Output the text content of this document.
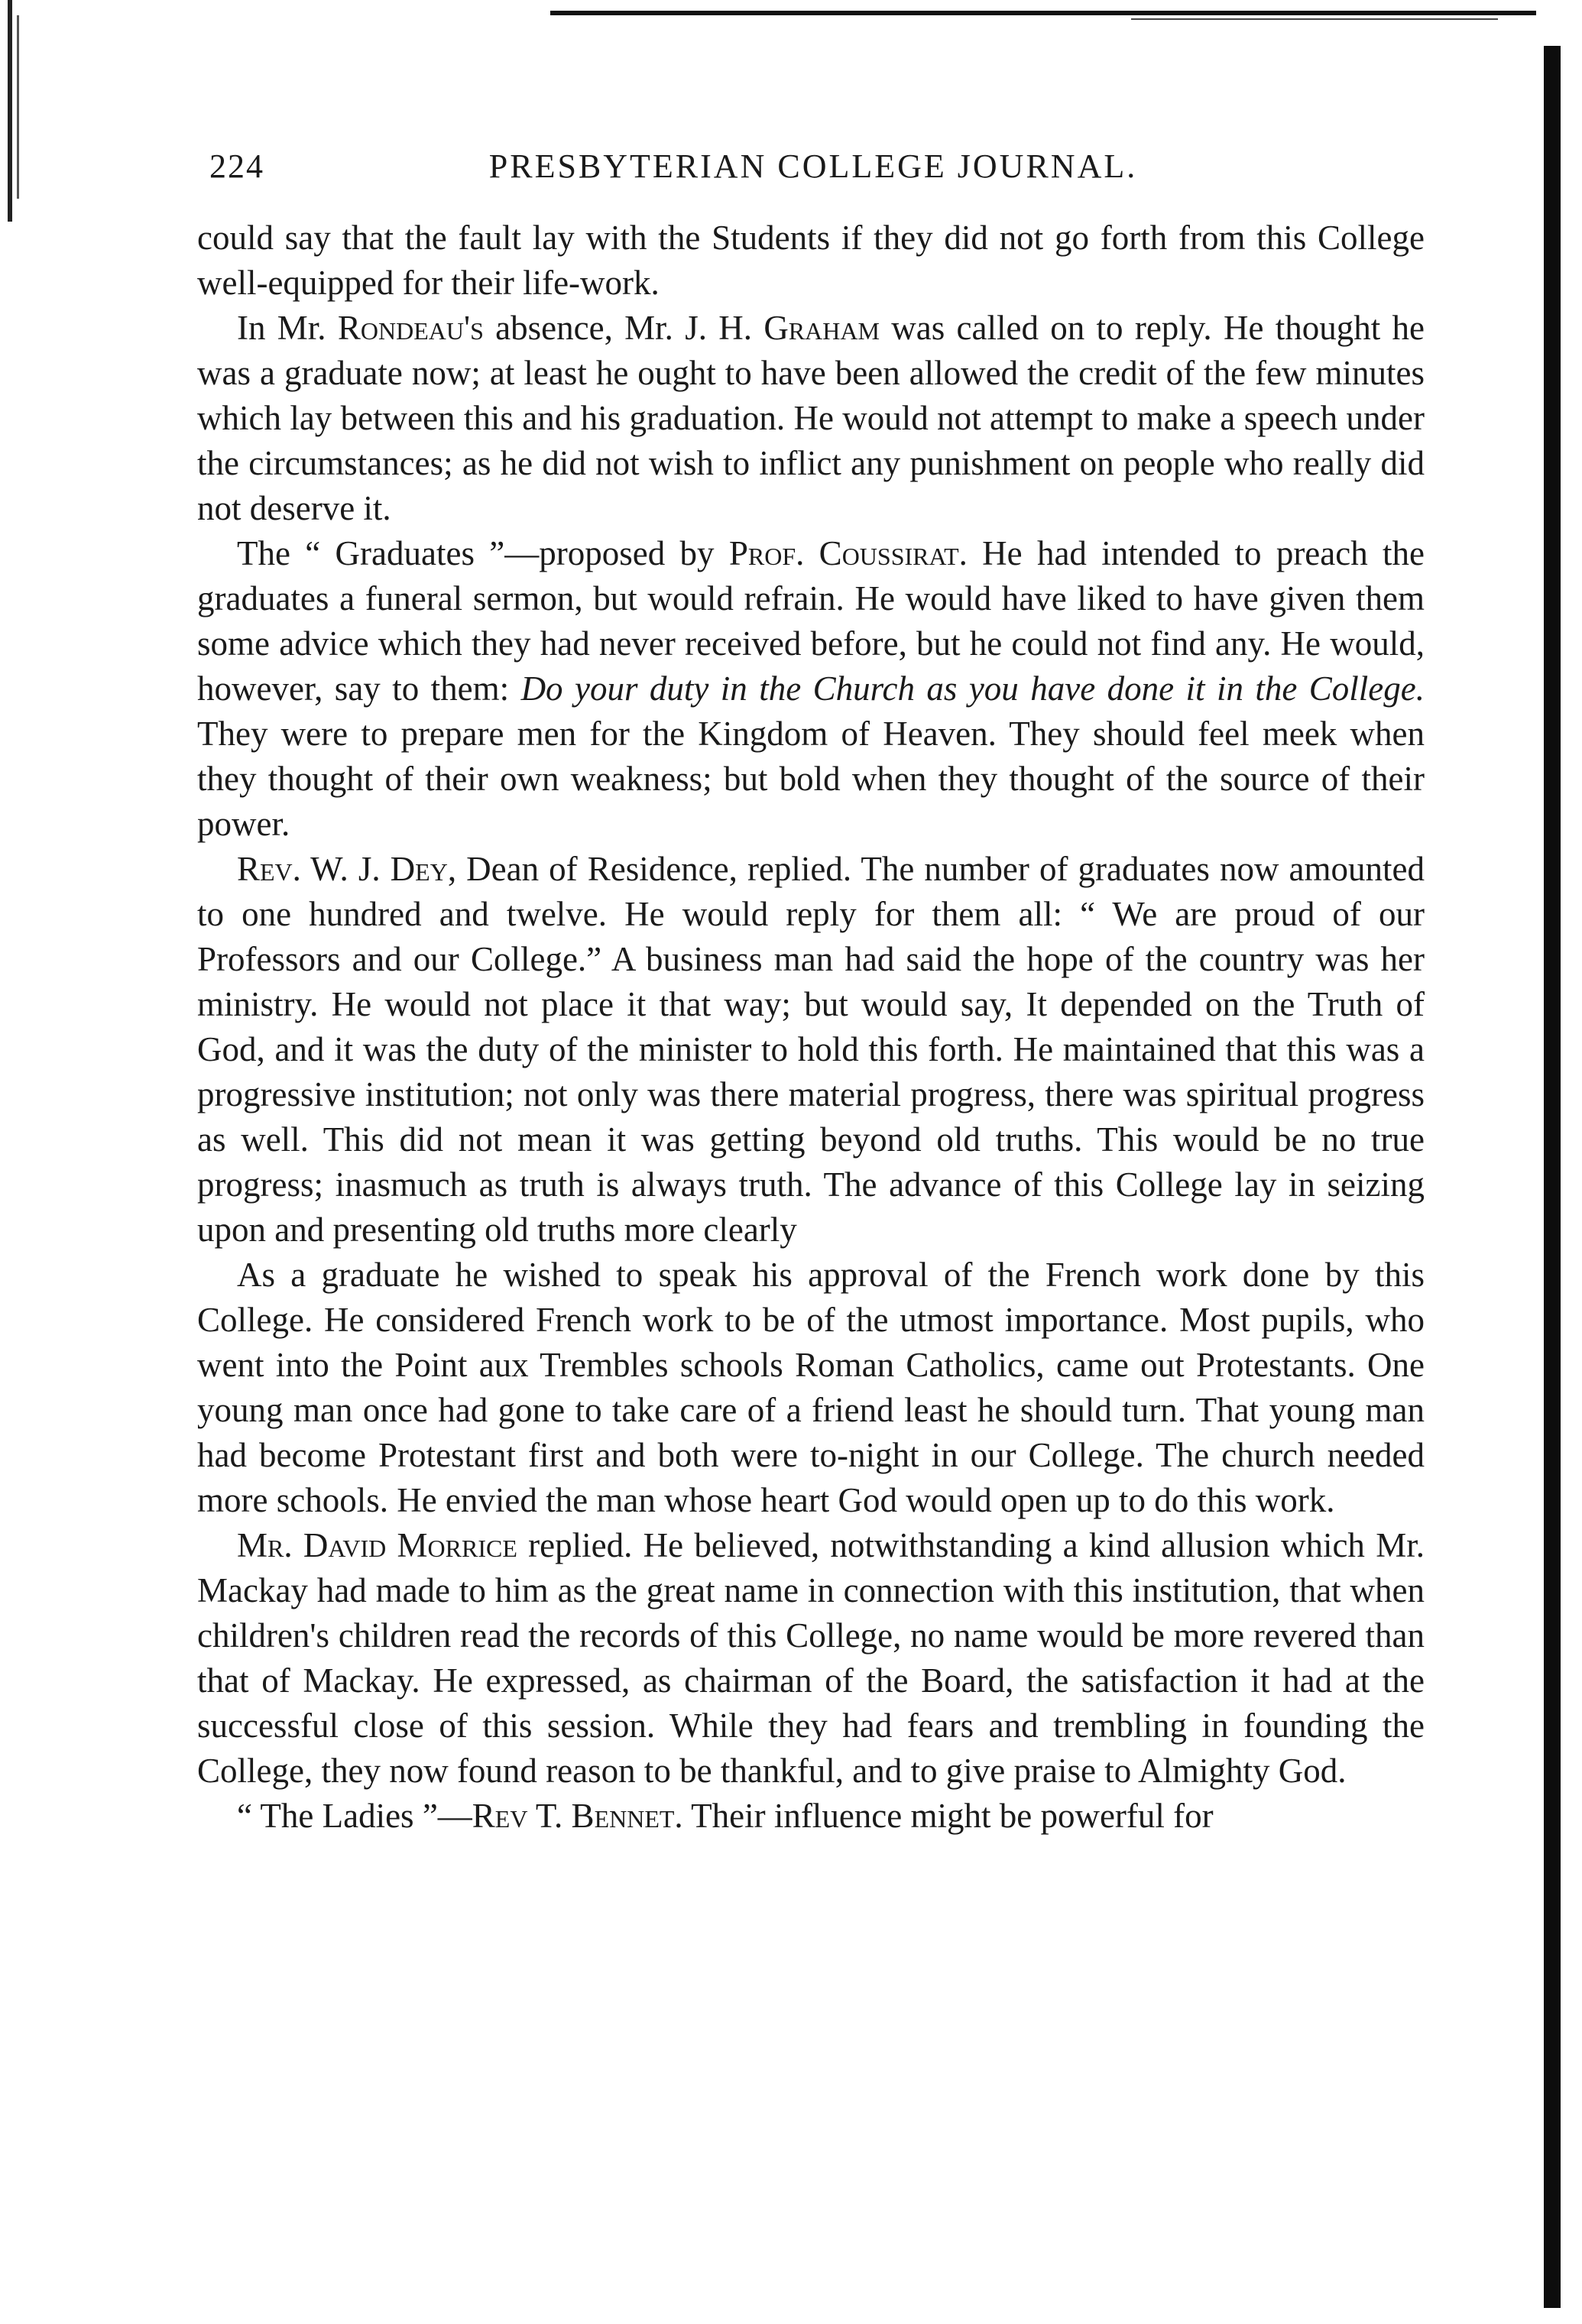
224	PRESBYTERIAN COLLEGE JOURNAL.

could say that the fault lay with the Students if they did not go forth from this College well-equipped for their life-work.

In Mr. Rondeau's absence, Mr. J. H. Graham was called on to reply. He thought he was a graduate now; at least he ought to have been allowed the credit of the few minutes which lay between this and his graduation. He would not attempt to make a speech under the circumstances; as he did not wish to inflict any punishment on people who really did not deserve it.

The “ Graduates ”—proposed by Prof. Coussirat. He had intended to preach the graduates a funeral sermon, but would refrain. He would have liked to have given them some advice which they had never received before, but he could not find any. He would, however, say to them: Do your duty in the Church as you have done it in the College. They were to prepare men for the Kingdom of Heaven. They should feel meek when they thought of their own weakness; but bold when they thought of the source of their power.

Rev. W. J. Dey, Dean of Residence, replied. The number of graduates now amounted to one hundred and twelve. He would reply for them all: “ We are proud of our Professors and our College.” A business man had said the hope of the country was her ministry. He would not place it that way; but would say, It depended on the Truth of God, and it was the duty of the minister to hold this forth. He maintained that this was a progressive institution; not only was there material progress, there was spiritual progress as well. This did not mean it was getting beyond old truths. This would be no true progress; inasmuch as truth is always truth. The advance of this College lay in seizing upon and presenting old truths more clearly

As a graduate he wished to speak his approval of the French work done by this College. He considered French work to be of the utmost importance. Most pupils, who went into the Point aux Trembles schools Roman Catholics, came out Protestants. One young man once had gone to take care of a friend least he should turn. That young man had become Protestant first and both were to-night in our College. The church needed more schools. He envied the man whose heart God would open up to do this work.

Mr. David Morrice replied. He believed, notwithstanding a kind allusion which Mr. Mackay had made to him as the great name in connection with this institution, that when children's children read the records of this College, no name would be more revered than that of Mackay. He expressed, as chairman of the Board, the satisfaction it had at the successful close of this session. While they had fears and trembling in founding the College, they now found reason to be thankful, and to give praise to Almighty God.

“ The Ladies ”—Rev T. Bennet. Their influence might be powerful for
